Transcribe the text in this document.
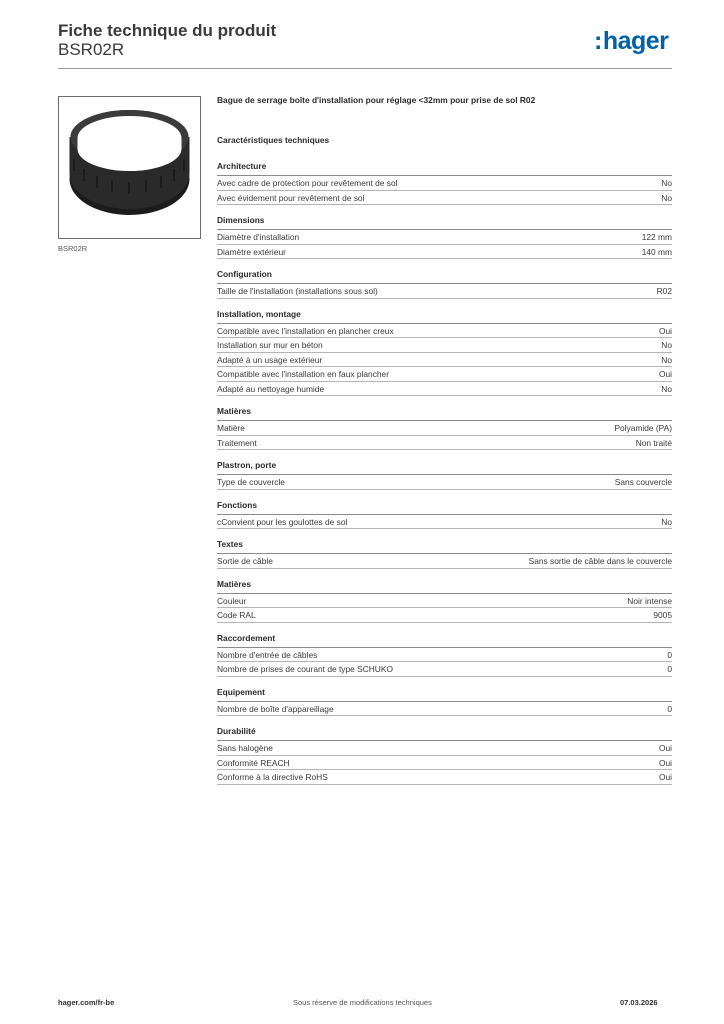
Fiche technique du produit
BSR02R	:hager
BSR02R
Bague de serrage boîte d'installation pour réglage <32mm pour prise de sol R02
Caractéristiques techniques
Architecture
Avec cadre de protection pour revêtement de sol	No
Avec évidement pour revêtement de sol	No
Dimensions
Diamètre d'installation	122 mm
Diamètre extérieur	140 mm
Configuration
Taille de l'installation (installations sous sol)	R02
Installation, montage
Compatible avec l'installation en plancher creux	Oui
Installation sur mur en béton	No
Adapté à un usage extérieur	No
Compatible avec l'installation en faux plancher	Oui
Adapté au nettoyage humide	No
Matières
Matière	Polyamide (PA)
Traitement	Non traité
Plastron, porte
Type de couvercle	Sans couvercle
Fonctions
cConvient pour les goulottes de sol	No
Textes
Sortie de câble	Sans sortie de câble dans le couvercle
Matières
Couleur	Noir intense
Code RAL	9005
Raccordement
Nombre d'entrée de câbles	0
Nombre de prises de courant de type SCHUKO	0
Equipement
Nombre de boîte d'appareillage	0
Durabilité
Sans halogène	Oui
Conformité REACH	Oui
Conforme à la directive RoHS	Oui
hager.com/fr-be	Sous réserve de modifications techniques	07.03.2026
